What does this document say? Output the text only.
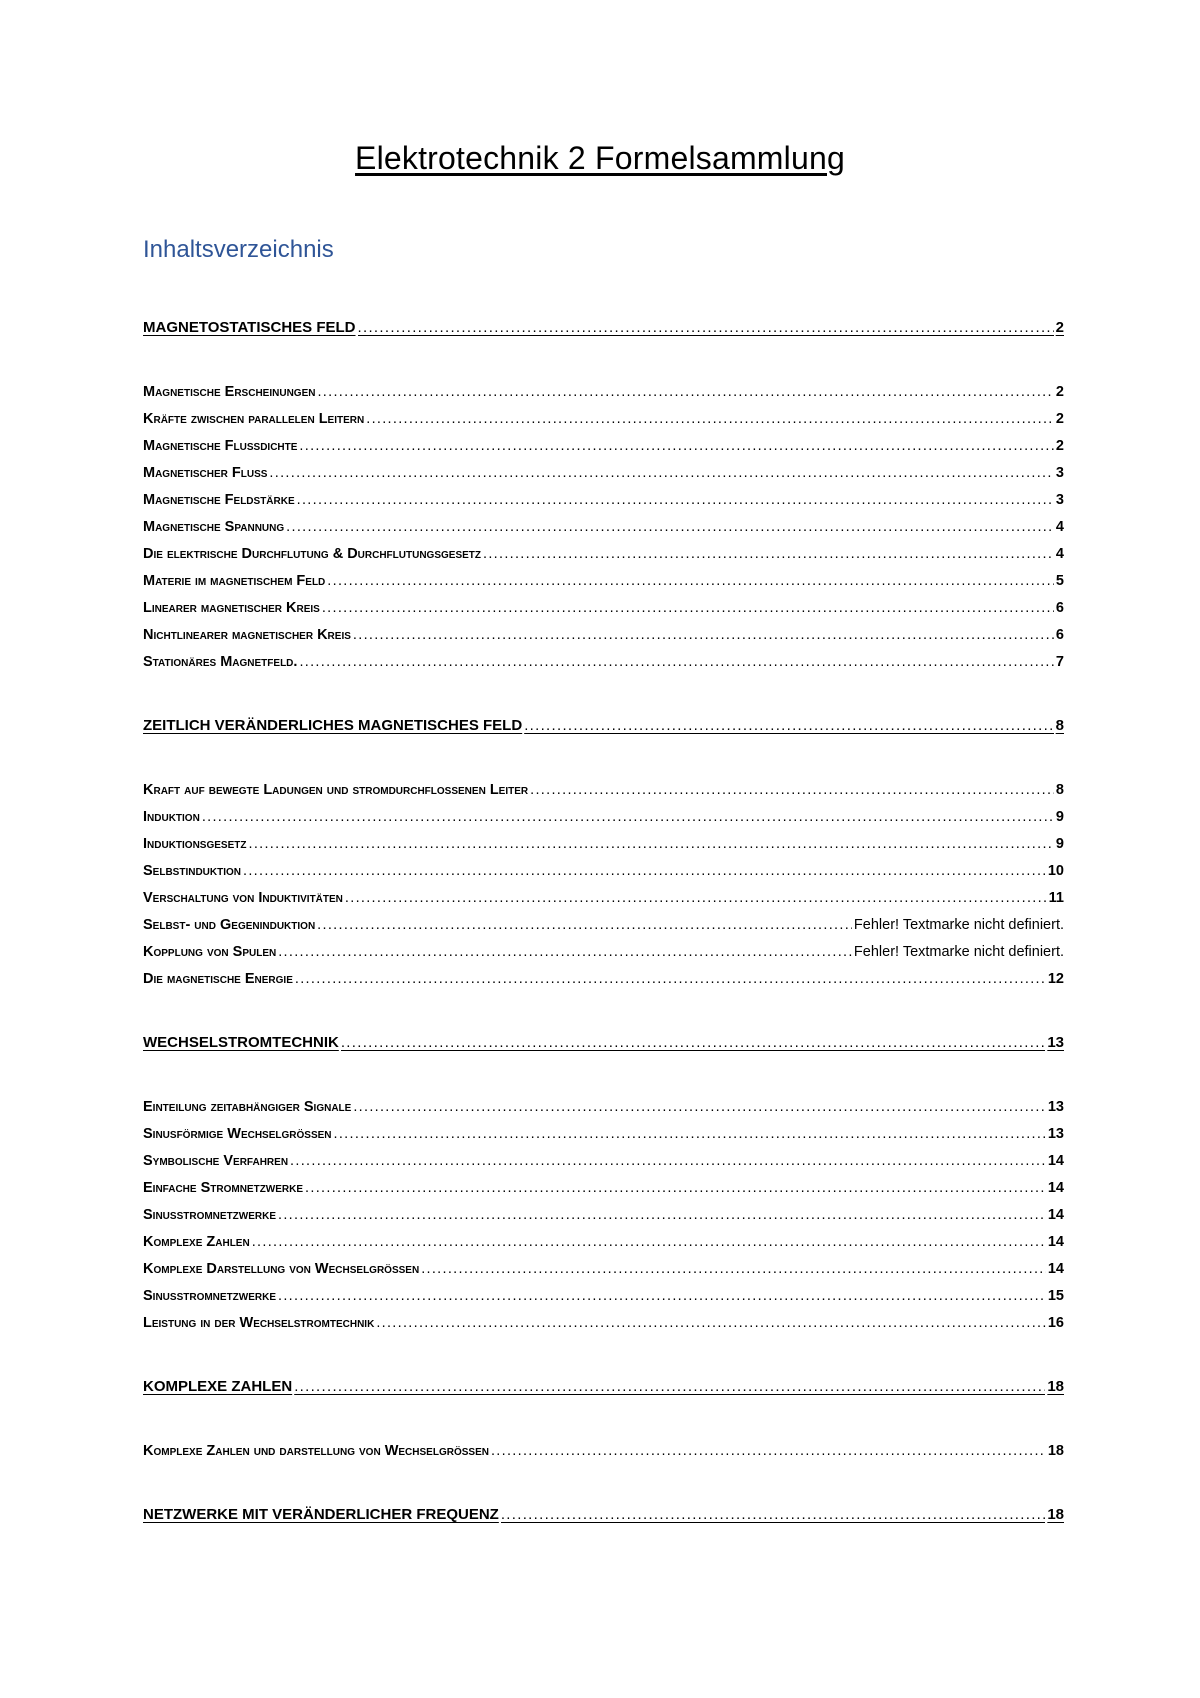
Elektrotechnik 2 Formelsammlung
Inhaltsverzeichnis
MAGNETOSTATISCHES FELD .....	2
Magnetische Erscheinungen .....	2
Kräfte zwischen parallelen Leitern .....	2
Magnetische Flussdichte .....	2
Magnetischer Fluss .....	3
Magnetische Feldstärke .....	3
Magnetische Spannung .....	4
Die elektrische Durchflutung & Durchflutungsgesetz .....	4
Materie im magnetischem Feld .....	5
Linearer magnetischer Kreis .....	6
Nichtlinearer magnetischer Kreis .....	6
Stationäres Magnetfeld. .....	7
ZEITLICH VERÄNDERLICHES MAGNETISCHES FELD .....	8
Kraft auf bewegte Ladungen und stromdurchflossenen Leiter .....	8
Induktion .....	9
Induktionsgesetz .....	9
Selbstinduktion .....	10
Verschaltung von Induktivitäten .....	11
Selbst- und Gegeninduktion .....	Fehler! Textmarke nicht definiert.
Kopplung von Spulen .....	Fehler! Textmarke nicht definiert.
Die magnetische Energie .....	12
WECHSELSTROMTECHNIK .....	13
Einteilung zeitabhängiger Signale .....	13
Sinusförmige Wechselgrößen .....	13
Symbolische Verfahren .....	14
Einfache Stromnetzwerke .....	14
Sinusstromnetzwerke .....	14
Komplexe Zahlen .....	14
Komplexe Darstellung von Wechselgrößen .....	14
Sinusstromnetzwerke .....	15
Leistung in der Wechselstromtechnik .....	16
KOMPLEXE ZAHLEN .....	18
Komplexe Zahlen und darstellung von Wechselgrößen .....	18
NETZWERKE MIT VERÄNDERLICHER FREQUENZ .....	18
